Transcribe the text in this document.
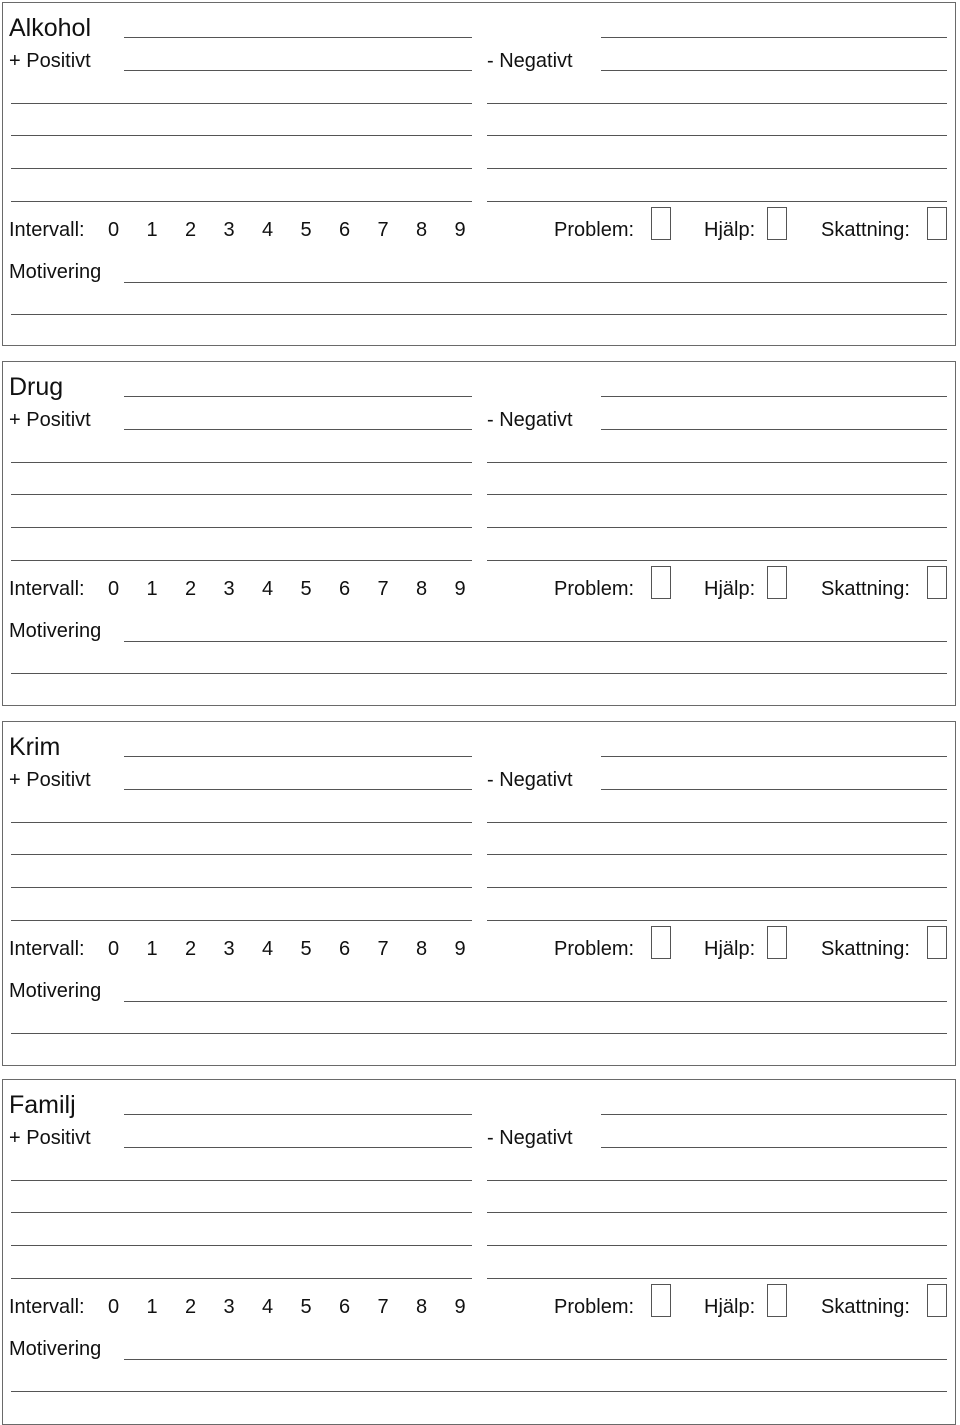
Alkohol
+ Positivt	- Negativt
Intervall:	0	1	2	3	4	5	6	7	8	9	Problem:	Hjälp:	Skattning:
Motivering
Drug
+ Positivt	- Negativt
Intervall:	0	1	2	3	4	5	6	7	8	9	Problem:	Hjälp:	Skattning:
Motivering
Krim
+ Positivt	- Negativt
Intervall:	0	1	2	3	4	5	6	7	8	9	Problem:	Hjälp:	Skattning:
Motivering
Familj
+ Positivt	- Negativt
Intervall:	0	1	2	3	4	5	6	7	8	9	Problem:	Hjälp:	Skattning:
Motivering
